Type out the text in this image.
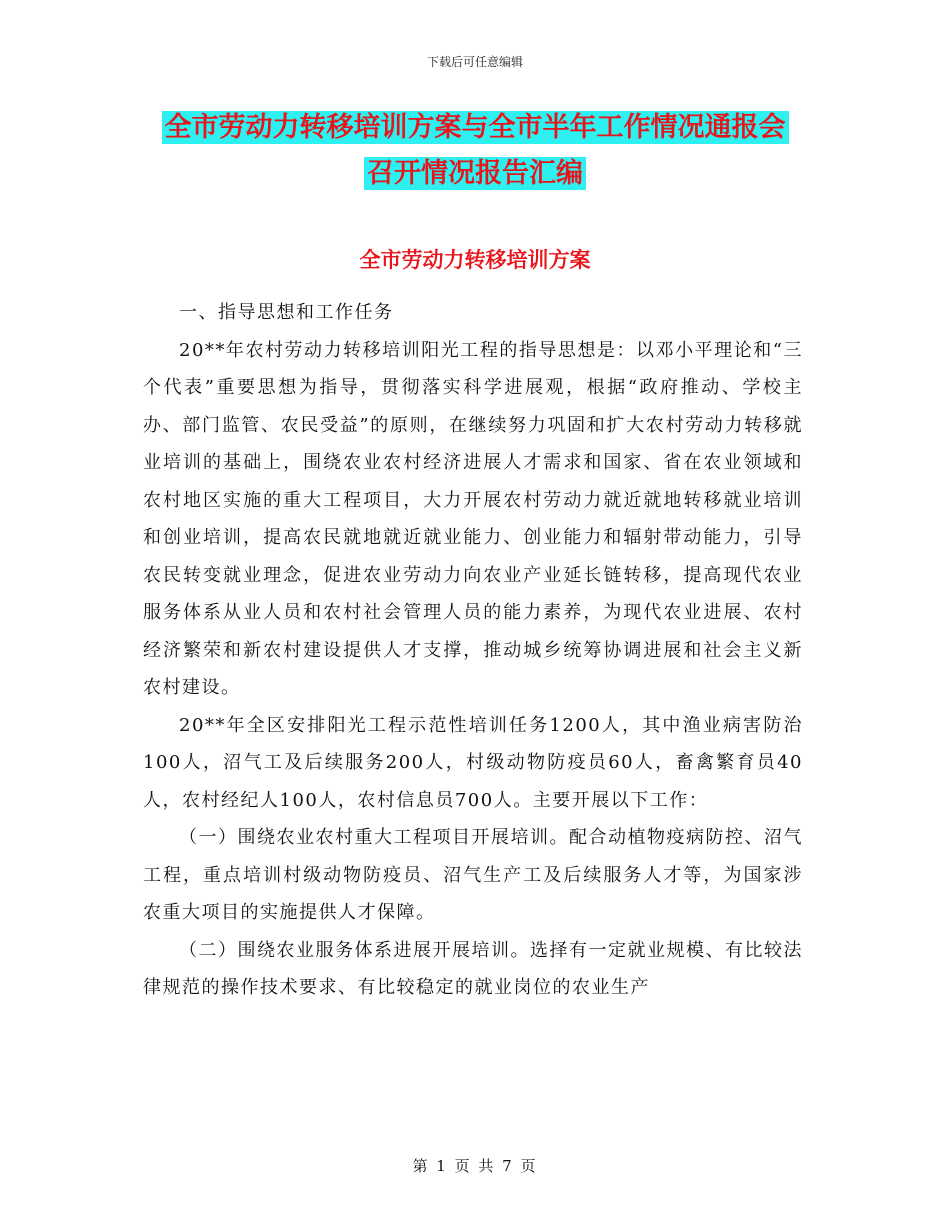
下载后可任意编辑
全市劳动力转移培训方案与全市半年工作情况通报会
召开情况报告汇编
全市劳动力转移培训方案

一、指导思想和工作任务

20**年农村劳动力转移培训阳光工程的指导思想是：以邓小平理论和“三个代表”重要思想为指导，贯彻落实科学进展观，根据“政府推动、学校主办、部门监管、农民受益”的原则，在继续努力巩固和扩大农村劳动力转移就业培训的基础上，围绕农业农村经济进展人才需求和国家、省在农业领域和农村地区实施的重大工程项目，大力开展农村劳动力就近就地转移就业培训和创业培训，提高农民就地就近就业能力、创业能力和辐射带动能力，引导农民转变就业理念，促进农业劳动力向农业产业延长链转移，提高现代农业服务体系从业人员和农村社会管理人员的能力素养，为现代农业进展、农村经济繁荣和新农村建设提供人才支撑，推动城乡统筹协调进展和社会主义新农村建设。

20**年全区安排阳光工程示范性培训任务1200人，其中渔业病害防治100人，沼气工及后续服务200人，村级动物防疫员60人，畜禽繁育员40人，农村经纪人100人，农村信息员700人。主要开展以下工作：

（一）围绕农业农村重大工程项目开展培训。配合动植物疫病防控、沼气工程，重点培训村级动物防疫员、沼气生产工及后续服务人才等，为国家涉农重大项目的实施提供人才保障。

（二）围绕农业服务体系进展开展培训。选择有一定就业规模、有比较法律规范的操作技术要求、有比较稳定的就业岗位的农业生产

第 1 页 共 7 页
